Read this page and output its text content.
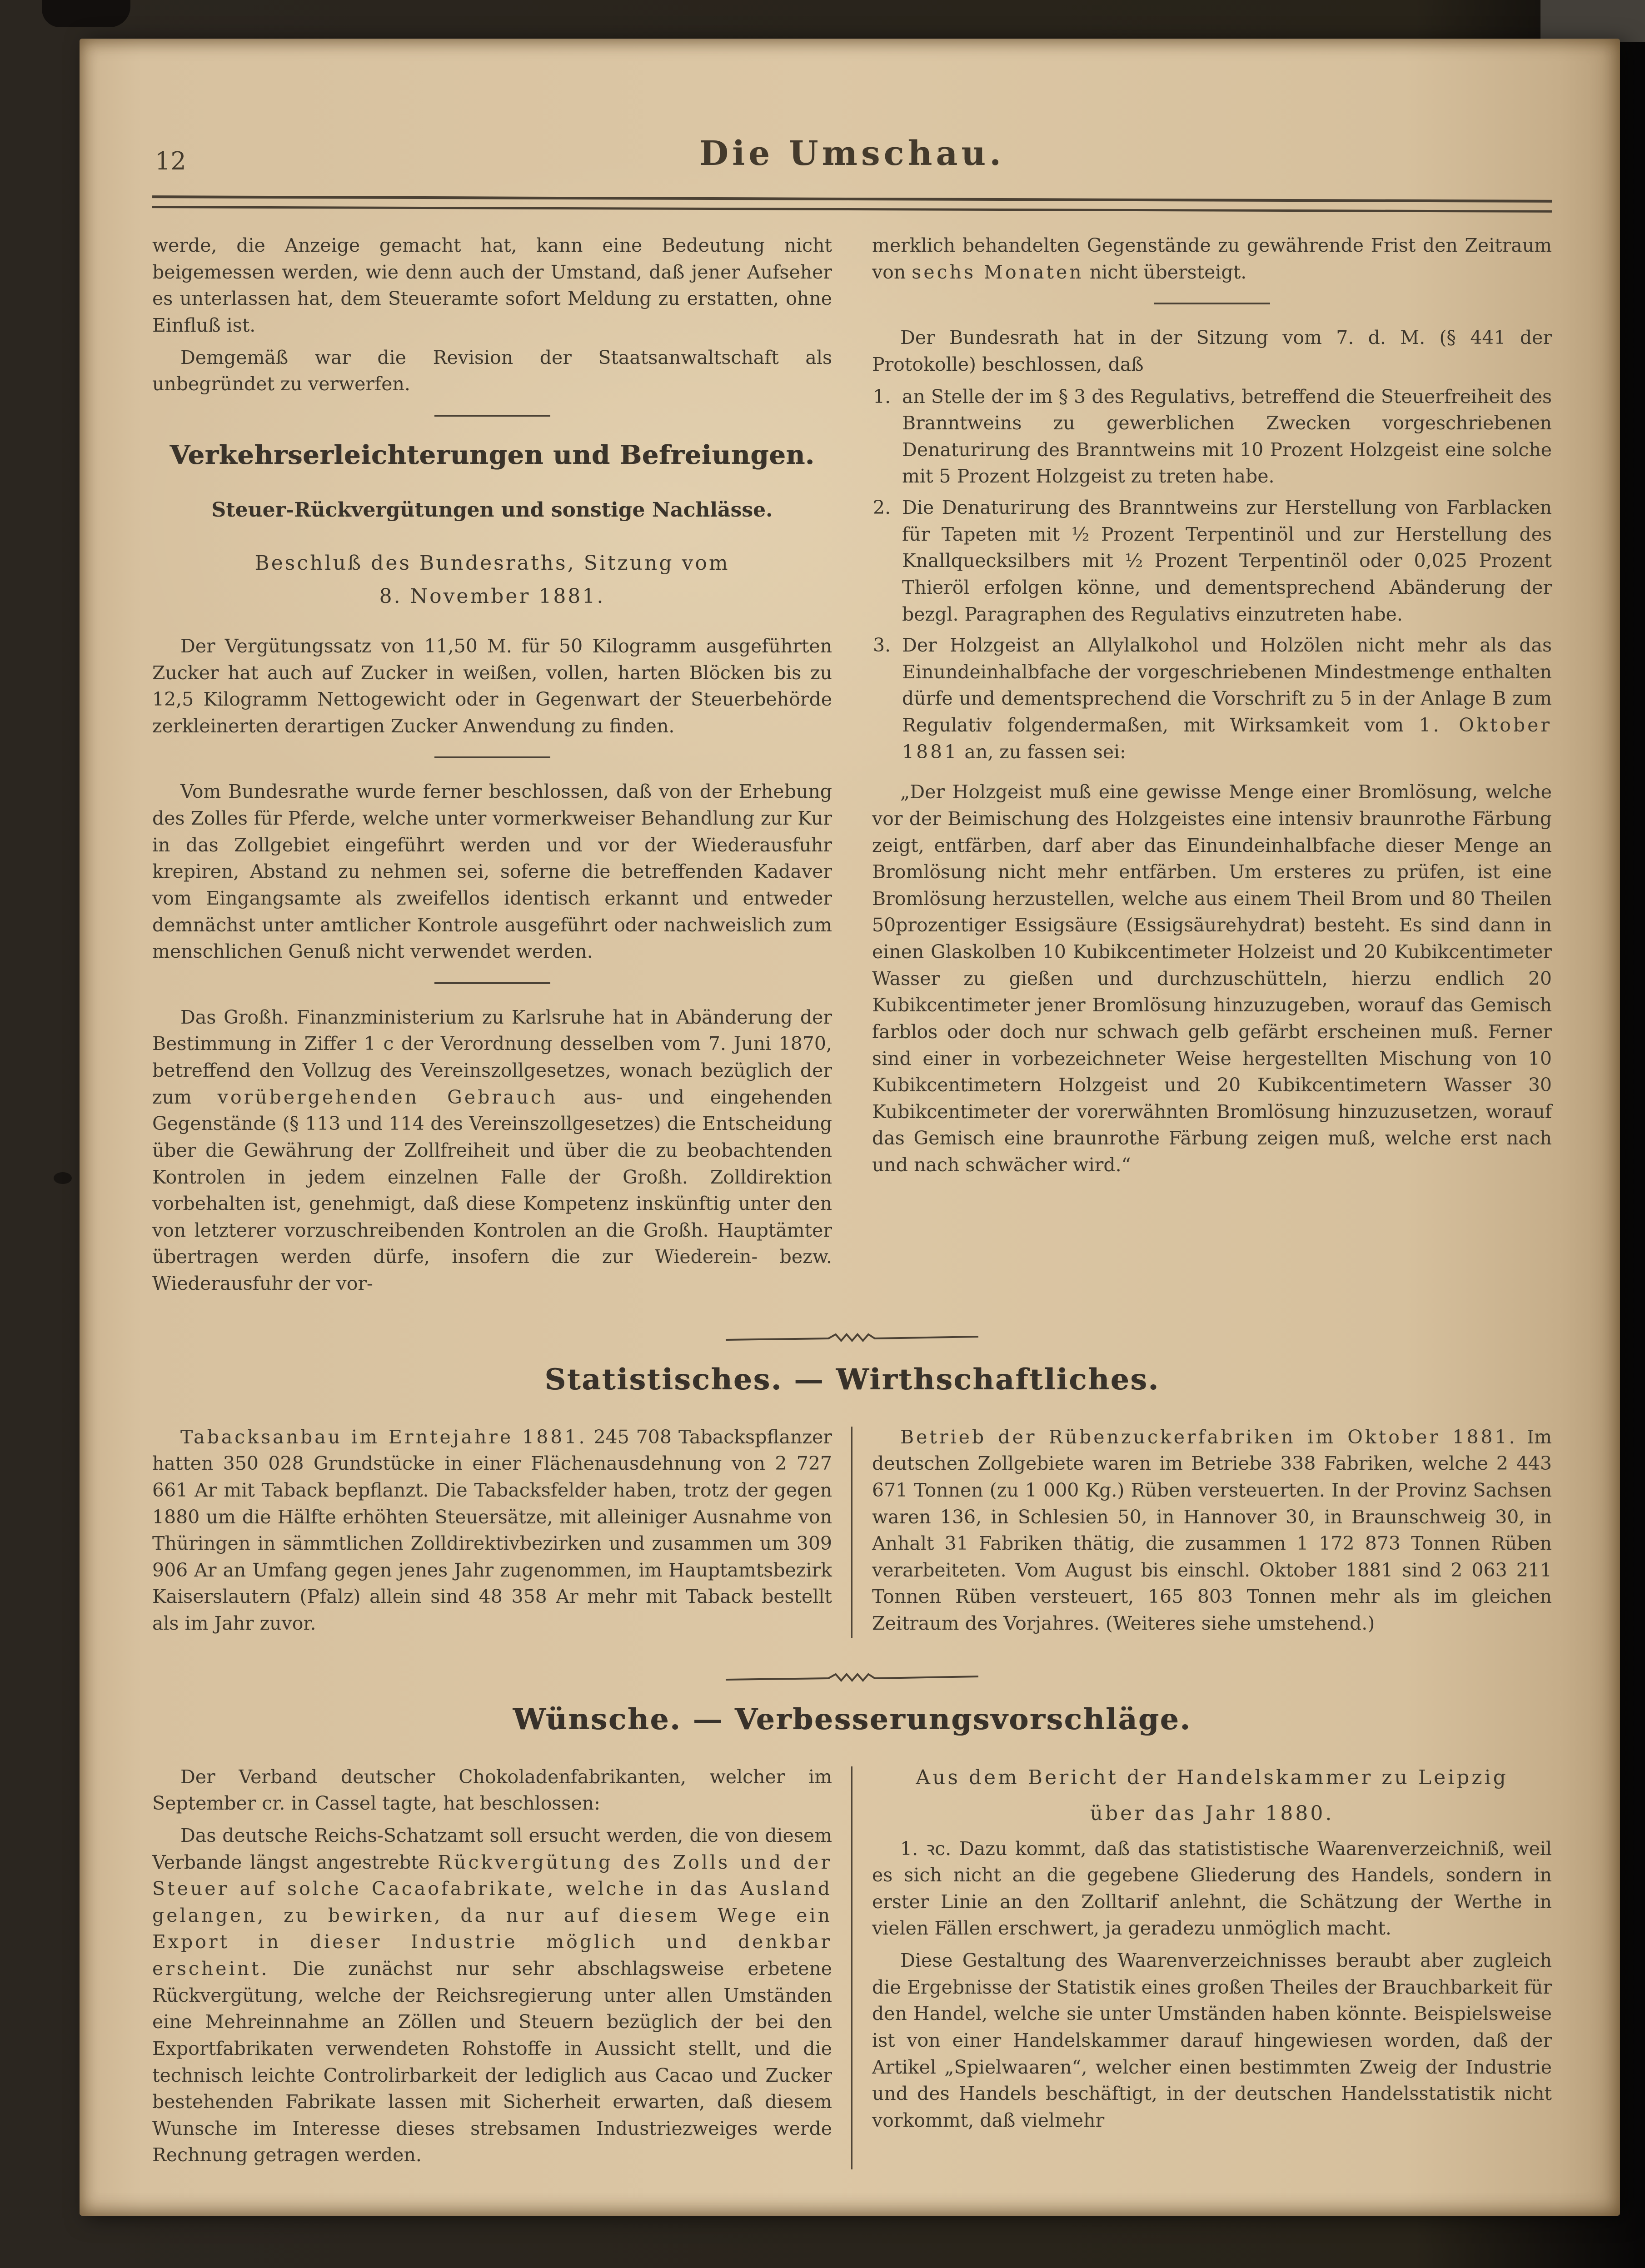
12	Die Umschau.

werde, die Anzeige gemacht hat, kann eine Bedeutung nicht beigemessen werden, wie denn auch der Umstand, daß jener Aufseher es unterlassen hat, dem Steueramte sofort Meldung zu erstatten, ohne Einfluß ist.

Demgemäß war die Revision der Staatsanwaltschaft als unbegründet zu verwerfen.

Verkehrserleichterungen und Befreiungen.
Steuer-Rückvergütungen und sonstige Nachlässe.
Beschluß des Bundesraths, Sitzung vom
8. November 1881.

Der Vergütungssatz von 11,50 M. für 50 Kilogramm ausgeführten Zucker hat auch auf Zucker in weißen, vollen, harten Blöcken bis zu 12,5 Kilogramm Nettogewicht oder in Gegenwart der Steuerbehörde zerkleinerten derartigen Zucker Anwendung zu finden.

Vom Bundesrathe wurde ferner beschlossen, daß von der Erhebung des Zolles für Pferde, welche unter vormerkweiser Behandlung zur Kur in das Zollgebiet eingeführt werden und vor der Wiederausfuhr krepiren, Abstand zu nehmen sei, soferne die betreffenden Kadaver vom Eingangsamte als zweifellos identisch erkannt und entweder demnächst unter amtlicher Kontrole ausgeführt oder nachweislich zum menschlichen Genuß nicht verwendet werden.

Das Großh. Finanzministerium zu Karlsruhe hat in Abänderung der Bestimmung in Ziffer 1 c der Verordnung desselben vom 7. Juni 1870, betreffend den Vollzug des Vereinszollgesetzes, wonach bezüglich der zum vorübergehenden Gebrauch aus- und eingehenden Gegenstände (§ 113 und 114 des Vereinszollgesetzes) die Entscheidung über die Gewährung der Zollfreiheit und über die zu beobachtenden Kontrolen in jedem einzelnen Falle der Großh. Zolldirektion vorbehalten ist, genehmigt, daß diese Kompetenz inskünftig unter den von letzterer vorzuschreibenden Kontrolen an die Großh. Hauptämter übertragen werden dürfe, insofern die zur Wiederein- bezw. Wiederausfuhr der vor-

merklich behandelten Gegenstände zu gewährende Frist den Zeitraum von sechs Monaten nicht übersteigt.

Der Bundesrath hat in der Sitzung vom 7. d. M. (§ 441 der Protokolle) beschlossen, daß

1. an Stelle der im § 3 des Regulativs, betreffend die Steuerfreiheit des Branntweins zu gewerblichen Zwecken vorgeschriebenen Denaturirung des Branntweins mit 10 Prozent Holzgeist eine solche mit 5 Prozent Holzgeist zu treten habe.
2. Die Denaturirung des Branntweins zur Herstellung von Farblacken für Tapeten mit ½ Prozent Terpentinöl und zur Herstellung des Knallquecksilbers mit ½ Prozent Terpentinöl oder 0,025 Prozent Thieröl erfolgen könne, und dementsprechend Abänderung der bezgl. Paragraphen des Regulativs einzutreten habe.
3. Der Holzgeist an Allylalkohol und Holzölen nicht mehr als das Einundeinhalbfache der vorgeschriebenen Mindestmenge enthalten dürfe und dementsprechend die Vorschrift zu 5 in der Anlage B zum Regulativ folgendermaßen, mit Wirksamkeit vom 1. Oktober 1881 an, zu fassen sei:

„Der Holzgeist muß eine gewisse Menge einer Bromlösung, welche vor der Beimischung des Holzgeistes eine intensiv braunrothe Färbung zeigt, entfärben, darf aber das Einundeinhalbfache dieser Menge an Bromlösung nicht mehr entfärben. Um ersteres zu prüfen, ist eine Bromlösung herzustellen, welche aus einem Theil Brom und 80 Theilen 50prozentiger Essigsäure (Essigsäurehydrat) besteht. Es sind dann in einen Glaskolben 10 Kubikcentimeter Holzeist und 20 Kubikcentimeter Wasser zu gießen und durchzuschütteln, hierzu endlich 20 Kubikcentimeter jener Bromlösung hinzuzugeben, worauf das Gemisch farblos oder doch nur schwach gelb gefärbt erscheinen muß. Ferner sind einer in vorbezeichneter Weise hergestellten Mischung von 10 Kubikcentimetern Holzgeist und 20 Kubikcentimetern Wasser 30 Kubikcentimeter der vorerwähnten Bromlösung hinzuzusetzen, worauf das Gemisch eine braunrothe Färbung zeigen muß, welche erst nach und nach schwächer wird.“

Statistisches. — Wirthschaftliches.

Tabacksanbau im Erntejahre 1881. 245 708 Tabackspflanzer hatten 350 028 Grundstücke in einer Flächenausdehnung von 2 727 661 Ar mit Taback bepflanzt. Die Tabacksfelder haben, trotz der gegen 1880 um die Hälfte erhöhten Steuersätze, mit alleiniger Ausnahme von Thüringen in sämmtlichen Zolldirektivbezirken und zusammen um 309 906 Ar an Umfang gegen jenes Jahr zugenommen, im Hauptamtsbezirk Kaiserslautern (Pfalz) allein sind 48 358 Ar mehr mit Taback bestellt als im Jahr zuvor.

Betrieb der Rübenzuckerfabriken im Oktober 1881. Im deutschen Zollgebiete waren im Betriebe 338 Fabriken, welche 2 443 671 Tonnen (zu 1 000 Kg.) Rüben versteuerten. In der Provinz Sachsen waren 136, in Schlesien 50, in Hannover 30, in Braunschweig 30, in Anhalt 31 Fabriken thätig, die zusammen 1 172 873 Tonnen Rüben verarbeiteten. Vom August bis einschl. Oktober 1881 sind 2 063 211 Tonnen Rüben versteuert, 165 803 Tonnen mehr als im gleichen Zeitraum des Vorjahres. (Weiteres siehe umstehend.)

Wünsche. — Verbesserungsvorschläge.

Der Verband deutscher Chokoladenfabrikanten, welcher im September cr. in Cassel tagte, hat beschlossen:

Das deutsche Reichs-Schatzamt soll ersucht werden, die von diesem Verbande längst angestrebte Rückvergütung des Zolls und der Steuer auf solche Cacaofabrikate, welche in das Ausland gelangen, zu bewirken, da nur auf diesem Wege ein Export in dieser Industrie möglich und denkbar erscheint. Die zunächst nur sehr abschlagsweise erbetene Rückvergütung, welche der Reichsregierung unter allen Umständen eine Mehreinnahme an Zöllen und Steuern bezüglich der bei den Exportfabrikaten verwendeten Rohstoffe in Aussicht stellt, und die technisch leichte Controlirbarkeit der lediglich aus Cacao und Zucker bestehenden Fabrikate lassen mit Sicherheit erwarten, daß diesem Wunsche im Interesse dieses strebsamen Industriezweiges werde Rechnung getragen werden.

Aus dem Bericht der Handelskammer zu Leipzig
über das Jahr 1880.

1. ꝛc. Dazu kommt, daß das statististische Waarenverzeichniß, weil es sich nicht an die gegebene Gliederung des Handels, sondern in erster Linie an den Zolltarif anlehnt, die Schätzung der Werthe in vielen Fällen erschwert, ja geradezu unmöglich macht.

Diese Gestaltung des Waarenverzeichnisses beraubt aber zugleich die Ergebnisse der Statistik eines großen Theiles der Brauchbarkeit für den Handel, welche sie unter Umständen haben könnte. Beispielsweise ist von einer Handelskammer darauf hingewiesen worden, daß der Artikel „Spielwaaren“, welcher einen bestimmten Zweig der Industrie und des Handels beschäftigt, in der deutschen Handelsstatistik nicht vorkommt, daß vielmehr
